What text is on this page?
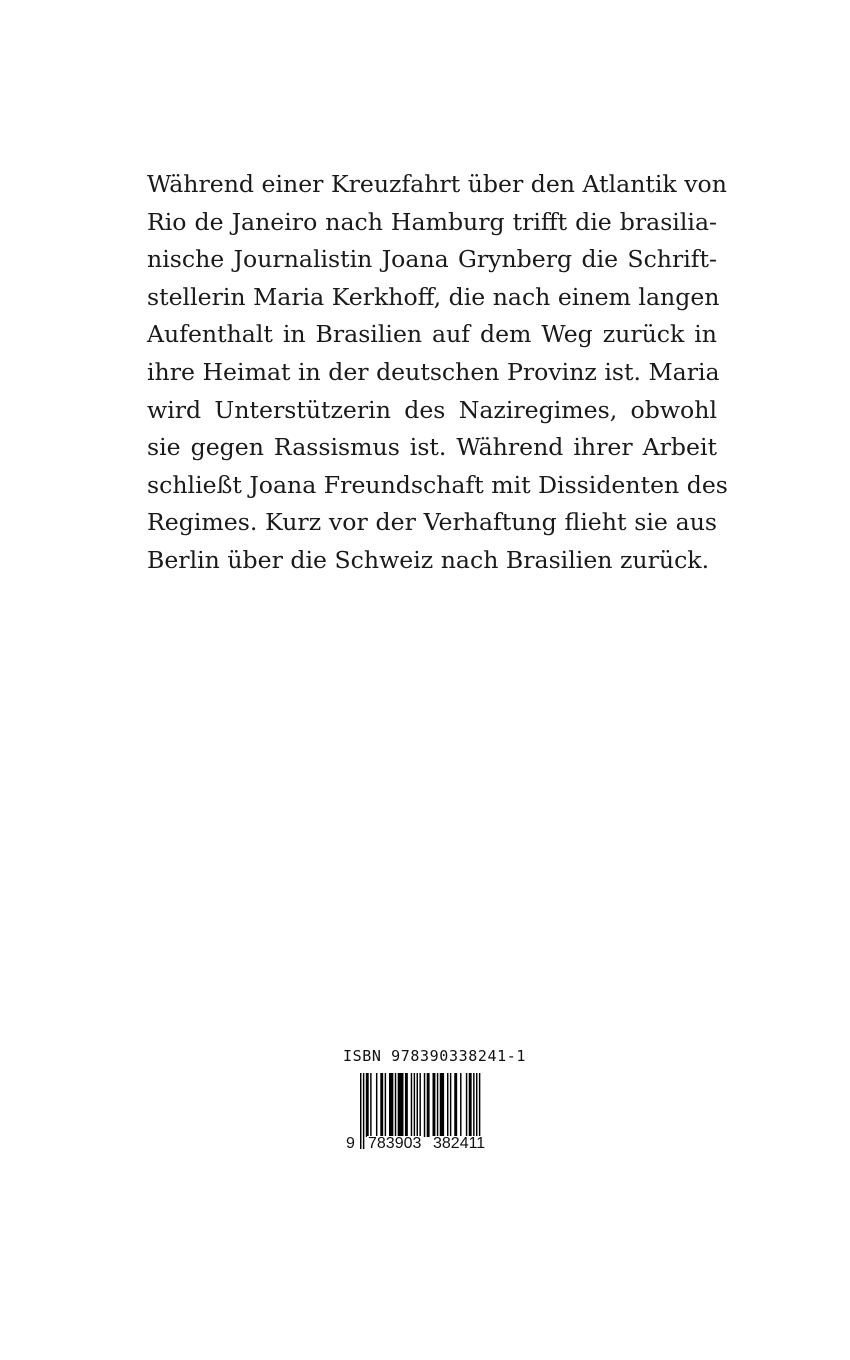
Während einer Kreuzfahrt über den Atlantik von
Rio de Janeiro nach Hamburg trifft die brasilia-
nische Journalistin Joana Grynberg die Schrift-
stellerin Maria Kerkhoff, die nach einem langen
Aufenthalt in Brasilien auf dem Weg zurück in
ihre Heimat in der deutschen Provinz ist. Maria
wird Unterstützerin des Naziregimes, obwohl
sie gegen Rassismus ist. Während ihrer Arbeit
schließt Joana Freundschaft mit Dissidenten des
Regimes. Kurz vor der Verhaftung flieht sie aus
Berlin über die Schweiz nach Brasilien zurück.
ISBN 978390338241-1
9 783903 382411
